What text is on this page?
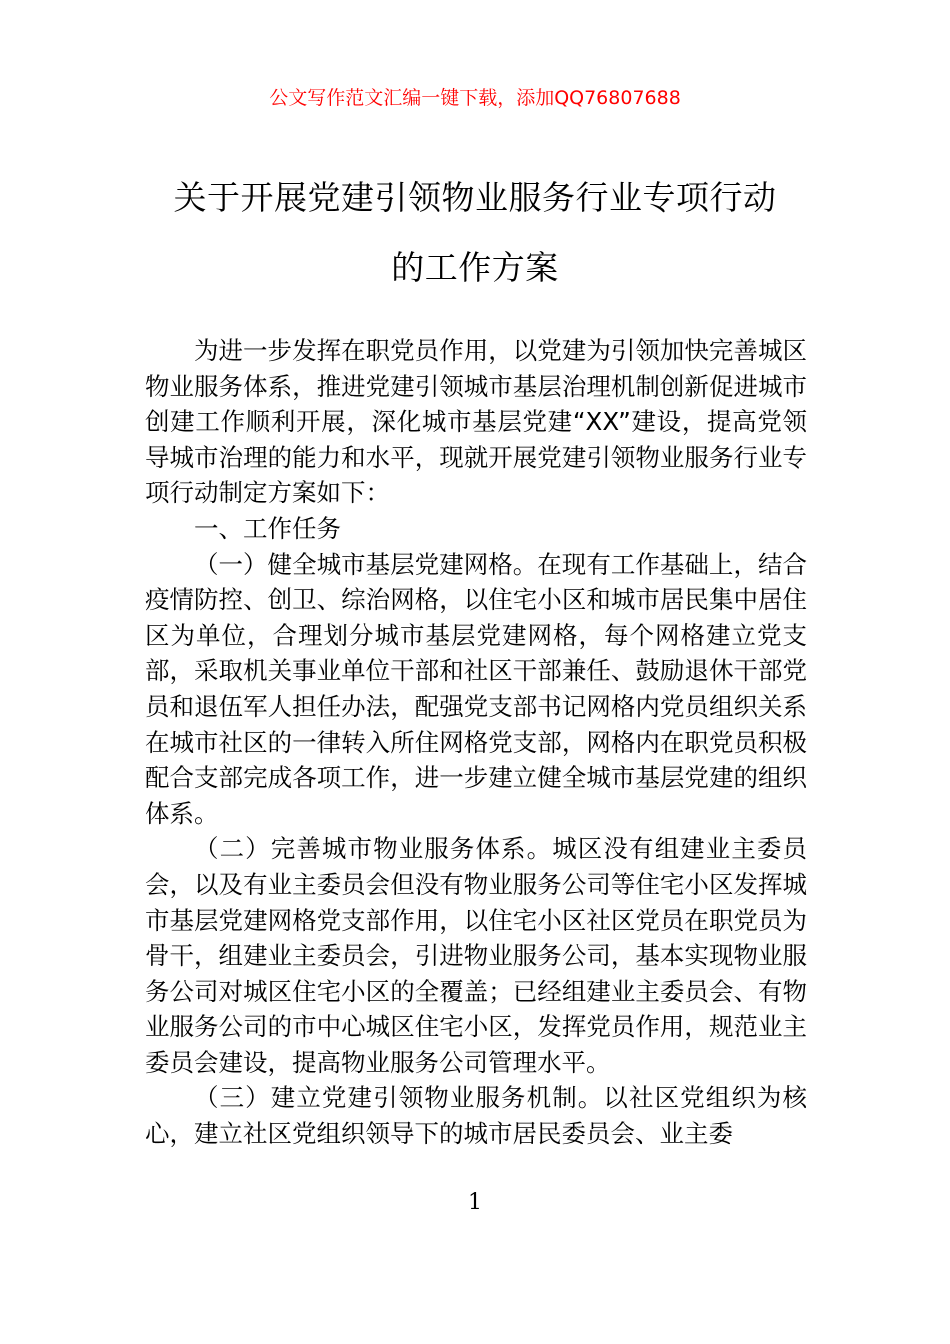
公文写作范文汇编一键下载，添加QQ76807688
关于开展党建引领物业服务行业专项行动
的工作方案

为进一步发挥在职党员作用，以党建为引领加快完善城区物业服务体系，推进党建引领城市基层治理机制创新促进城市创建工作顺利开展，深化城市基层党建“XX”建设，提高党领导城市治理的能力和水平，现就开展党建引领物业服务行业专项行动制定方案如下：

一、工作任务

（一）健全城市基层党建网格。在现有工作基础上，结合疫情防控、创卫、综治网格，以住宅小区和城市居民集中居住区为单位，合理划分城市基层党建网格，每个网格建立党支部，采取机关事业单位干部和社区干部兼任、鼓励退休干部党员和退伍军人担任办法，配强党支部书记网格内党员组织关系在城市社区的一律转入所住网格党支部，网格内在职党员积极配合支部完成各项工作，进一步建立健全城市基层党建的组织体系。

（二）完善城市物业服务体系。城区没有组建业主委员会，以及有业主委员会但没有物业服务公司等住宅小区发挥城市基层党建网格党支部作用，以住宅小区社区党员在职党员为骨干，组建业主委员会，引进物业服务公司，基本实现物业服务公司对城区住宅小区的全覆盖；已经组建业主委员会、有物业服务公司的市中心城区住宅小区，发挥党员作用，规范业主委员会建设，提高物业服务公司管理水平。

（三）建立党建引领物业服务机制。以社区党组织为核心，建立社区党组织领导下的城市居民委员会、业主委

1
